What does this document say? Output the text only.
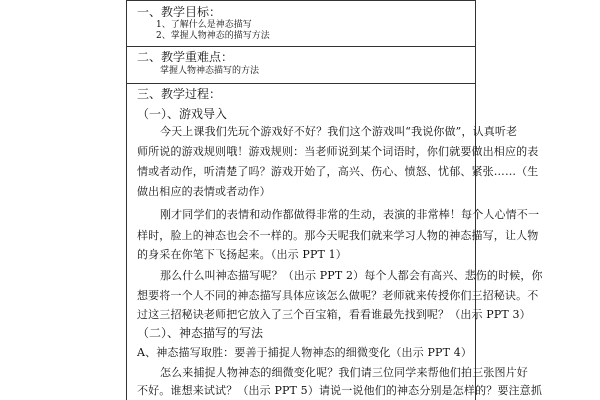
一、教学目标：
1、了解什么是神态描写
2、掌握人物神态的描写方法
二、教学重难点：
掌握人物神态描写的方法
三、教学过程：
（一）、游戏导入
今天上课我们先玩个游戏好不好？我们这个游戏叫“我说你做”，认真听老
师所说的游戏规则哦！游戏规则：当老师说到某个词语时，你们就要做出相应的表
情或者动作，听清楚了吗？游戏开始了，高兴、伤心、愤怒、忧郁、紧张……（生
做出相应的表情或者动作）
刚才同学们的表情和动作都做得非常的生动，表演的非常棒！每个人心情不一
样时，脸上的神态也会不一样的。那今天呢我们就来学习人物的神态描写，让人物
的身采在你笔下飞扬起来。（出示 PPT 1）
那么什么叫神态描写呢？（出示 PPT 2）每个人都会有高兴、悲伤的时候，你
想要将一个人不同的神态描写具体应该怎么做呢？老师就来传授你们三招秘诀。不
过这三招秘诀老师把它放入了三个百宝箱，看看谁最先找到呢？（出示 PPT 3）
（二）、神态描写的写法
A、神态描写取胜：要善于捕捉人物神态的细微变化（出示 PPT 4）
怎么来捕捉人物神态的细微变化呢？我们请三位同学来帮他们拍三张图片好
不好。谁想来试试？（出示 PPT 5）请说一说他们的神态分别是怎样的？要注意抓
